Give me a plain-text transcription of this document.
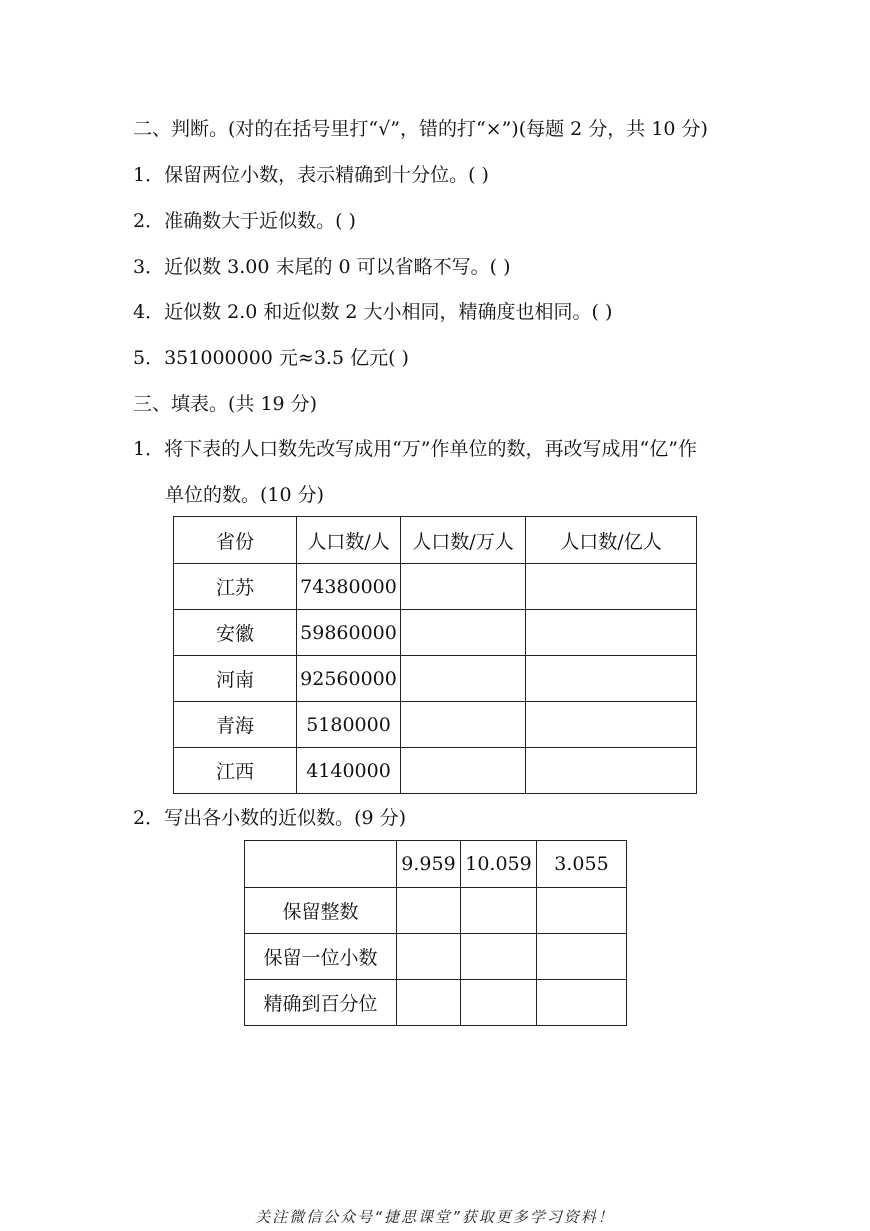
二、判断。(对的在括号里打“√”，错的打“×”)(每题 2 分，共 10 分)
1．保留两位小数，表示精确到十分位。( )
2．准确数大于近似数。( )
3．近似数 3.00 末尾的 0 可以省略不写。( )
4．近似数 2.0 和近似数 2 大小相同，精确度也相同。( )
5．351000000 元≈3.5 亿元( )
三、填表。(共 19 分)
1．将下表的人口数先改写成用“万”作单位的数，再改写成用“亿”作
单位的数。(10 分)
省份	人口数/人	人口数/万人	人口数/亿人
江苏	74380000		
安徽	59860000		
河南	92560000		
青海	5180000		
江西	4140000		
2．写出各小数的近似数。(9 分)
	9.959	10.059	3.055
保留整数			
保留一位小数			
精确到百分位			
关注微信公众号“捷思课堂”获取更多学习资料！
